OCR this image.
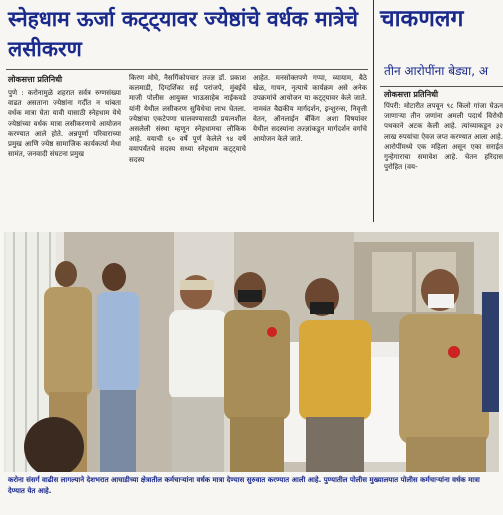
स्नेहधाम ऊर्जा कट्ट्यावर ज्येष्ठांचे वर्धक मात्रेचे लसीकरण
चाकणलग
तीन आरोपींना बेड्या, अ
लोकसत्ता प्रतिनिधी
लोकसत्ता प्रतिनिधी
पुणे : करोनामुळे शहरात सर्वत्र रुग्णसंख्या वाढत असताना ज्येष्ठांना गर्दीत न थांबता वर्धक मात्रा घेता यावी यासाठी स्नेहधाम येथे ज्येष्ठांच्या वर्धक मात्रा लसीकरणाचे आयोजन करण्यात आले होते. अन्नपूर्णा परिवाराच्या प्रमुख आणि ज्येष्ठ सामाजिक कार्यकर्त्या मेधा सामंत, जनवादी संघटना प्रमुख
किरण मोघे, नैसर्गिकोपचार तज्ज्ञ डॉ. प्रकाश कलमाडी, दिग्दर्शिका सई परांजपे, मुंबईचे माजी पोलीस आयुक्त भाऊसाहेब नाईकवडे यांनी येथील लसीकरण सुविधेचा लाभ घेतला. ज्येष्ठांचा एकटेपणा घालवण्यासाठी प्रयत्नशील असलेली संस्था म्हणून स्नेहधामचा लौकिक आहे. वयाची ६० वर्षे पूर्ण केलेले ९४ वर्षे वयापर्यंतचे सदस्य सध्या स्नेहधाम कट्ट्याचे सदस्य
आहेत. मनसोक्तपणे गप्पा, व्यायाम, बैठे खेळ, गायन, नृत्याचे कार्यक्रम असे अनेक उपक्रमांचे आयोजन या कट्ट्यावर केले जाते. नामवंत वैद्यकीय मार्गदर्शन, इन्शुरन्स, निवृत्ती वेतन, ऑनलाईन बँकिंग अशा विषयांवर येथील सदस्यांना तज्ज्ञांकडून मार्गदर्शन वर्गाचे आयोजन केले जाते.
पिंपरी: मोटारीत लपवून ९८ किलो गांजा घेऊन जाणाऱ्या तीन जणांना अमली पदार्थ विरोधी पथकाने अटक केली आहे. त्यांच्याकडून ३२ लाख रुपयांचा ऐवज जप्त करण्यात आला आहे. आरोपींमध्ये एक महिला असून एका सराईत गुन्हेगाराचा समावेश आहे. चेतन हरिदास पुरोहित (वय-
करोना संसर्ग वाढीस लागल्याने देशभरात आघाडीच्या क्षेत्रातील कर्मचाऱ्यांना वर्धक मात्रा देण्यास सुरुवात करण्यात आली आहे. पुण्यातील पोलीस मुख्यालयात पोलीस कर्मचाऱ्यांना वर्धक मात्रा देण्यात येत आहे.
